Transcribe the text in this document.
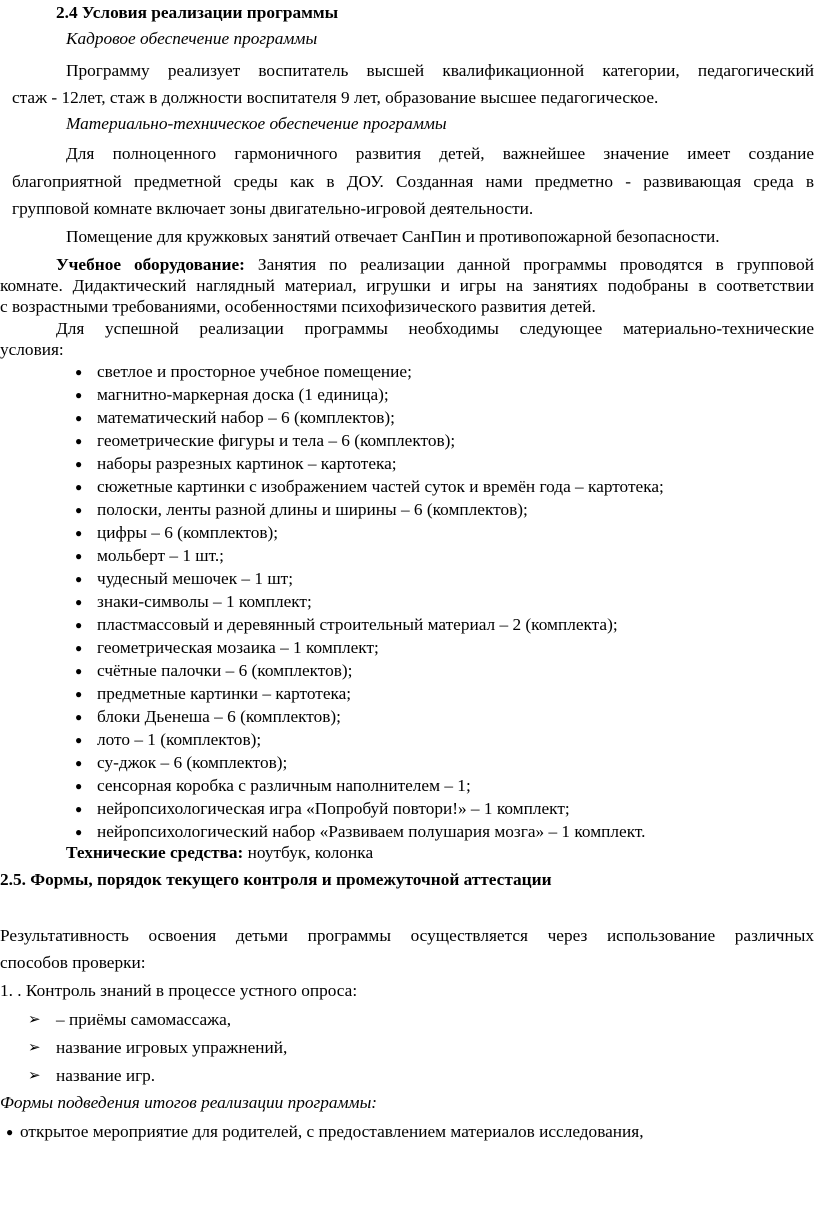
2.4 Условия реализации программы
Кадровое обеспечение программы
Программу реализует воспитатель высшей квалификационной категории, педагогический
стаж - 12лет, стаж в должности воспитателя 9 лет, образование высшее педагогическое.
Материально-техническое обеспечение программы
Для полноценного гармоничного развития детей, важнейшее значение имеет создание
благоприятной предметной среды как в ДОУ. Созданная нами предметно - развивающая среда в
групповой комнате включает зоны двигательно-игровой деятельности.
Помещение для кружковых занятий отвечает СанПин и противопожарной безопасности.
Учебное оборудование: Занятия по реализации данной программы проводятся в групповой
комнате. Дидактический наглядный материал, игрушки и игры на занятиях подобраны в соответствии
с возрастными требованиями, особенностями психофизического развития детей.
Для успешной реализации программы необходимы следующее материально-технические
условия:
● светлое и просторное учебное помещение;
● магнитно-маркерная доска (1 единица);
● математический набор – 6 (комплектов);
● геометрические фигуры и тела – 6 (комплектов);
● наборы разрезных картинок – картотека;
● сюжетные картинки с изображением частей суток и времён года – картотека;
● полоски, ленты разной длины и ширины – 6 (комплектов);
● цифры – 6 (комплектов);
● мольберт – 1 шт.;
● чудесный мешочек – 1 шт;
● знаки-символы – 1 комплект;
● пластмассовый и деревянный строительный материал – 2 (комплекта);
● геометрическая мозаика – 1 комплект;
● счётные палочки – 6 (комплектов);
● предметные картинки – картотека;
● блоки Дьенеша – 6 (комплектов);
● лото – 1 (комплектов);
● су-джок – 6 (комплектов);
● сенсорная коробка с различным наполнителем – 1;
● нейропсихологическая игра «Попробуй повтори!» – 1 комплект;
● нейропсихологический набор «Развиваем полушария мозга» – 1 комплект.
Технические средства: ноутбук, колонка
2.5. Формы, порядок текущего контроля и промежуточной аттестации
Результативность освоения детьми программы осуществляется через использование различных
способов проверки:
1. . Контроль знаний в процессе устного опроса:
➢ – приёмы самомассажа,
➢ название игровых упражнений,
➢ название игр.
Формы подведения итогов реализации программы:
● открытое мероприятие для родителей, с предоставлением материалов исследования,
